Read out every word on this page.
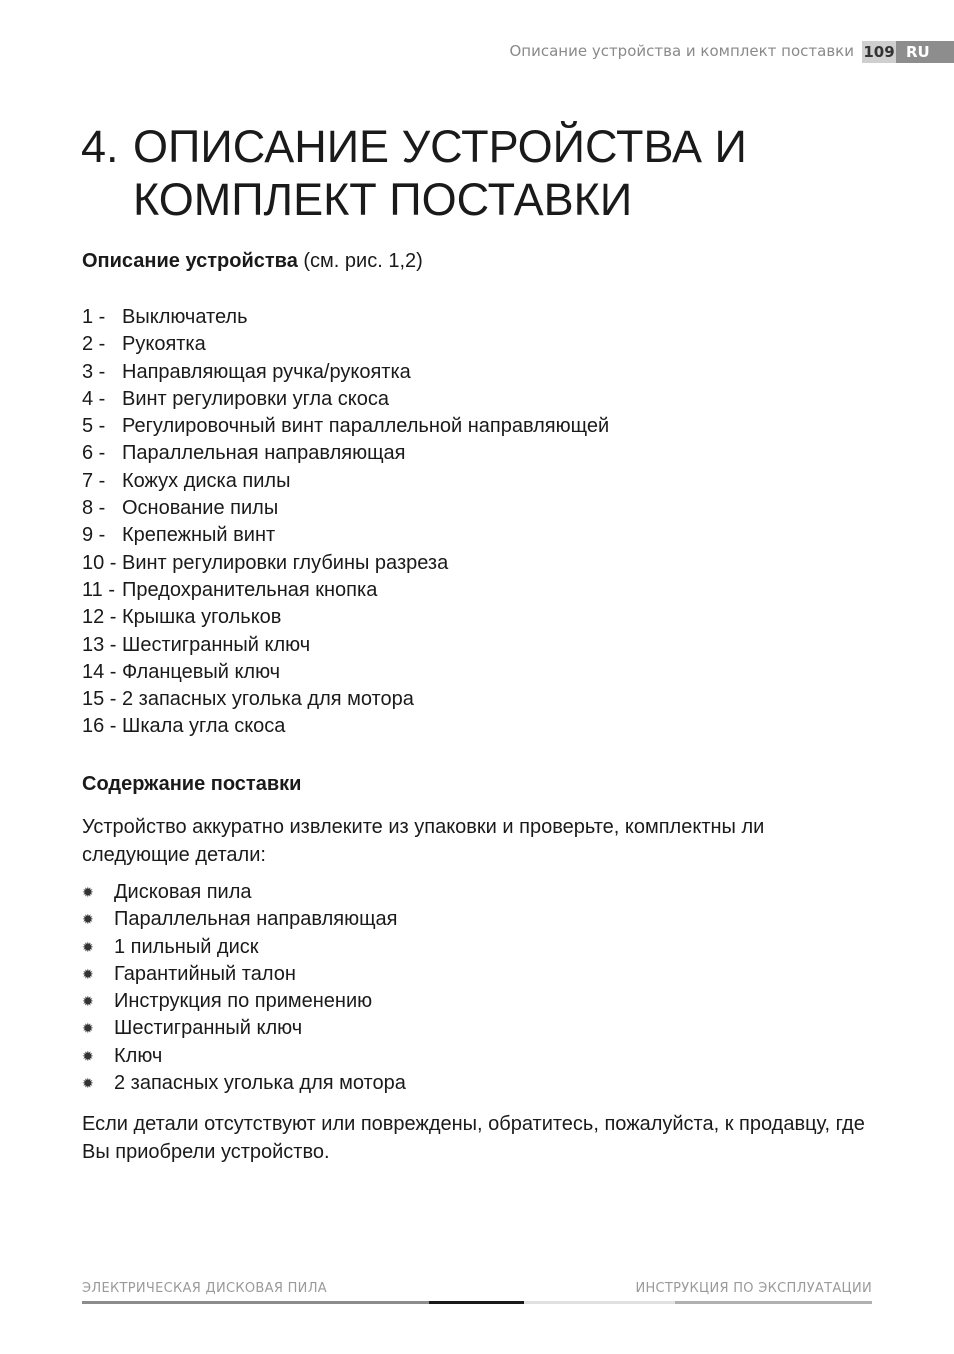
Описание устройства и комплект поставки 109 RU
4. ОПИСАНИЕ УСТРОЙСТВА И
КОМПЛЕКТ ПОСТАВКИ
Описание устройства (см. рис. 1,2)
1 - Выключатель
2 - Рукоятка
3 - Направляющая ручка/рукоятка
4 - Винт регулировки угла скоса
5 - Регулировочный винт параллельной направляющей
6 - Параллельная направляющая
7 - Кожух диска пилы
8 - Основание пилы
9 - Крепежный винт
10 - Винт регулировки глубины разреза
11 - Предохранительная кнопка
12 - Крышка угольков
13 - Шестигранный ключ
14 - Фланцевый ключ
15 - 2 запасных уголька для мотора
16 - Шкала угла скоса
Содержание поставки

Устройство аккуратно извлеките из упаковки и проверьте, комплектны ли следующие детали:

✹ Дисковая пила
✹ Параллельная направляющая
✹ 1 пильный диск
✹ Гарантийный талон
✹ Инструкция по применению
✹ Шестигранный ключ
✹ Ключ
✹ 2 запасных уголька для мотора

Если детали отсутствуют или повреждены, обратитесь, пожалуйста, к продавцу, где Вы приобрели устройство.

ЭЛЕКТРИЧЕСКАЯ ДИСКОВАЯ ПИЛА	ИНСТРУКЦИЯ ПО ЭКСПЛУАТАЦИИ
